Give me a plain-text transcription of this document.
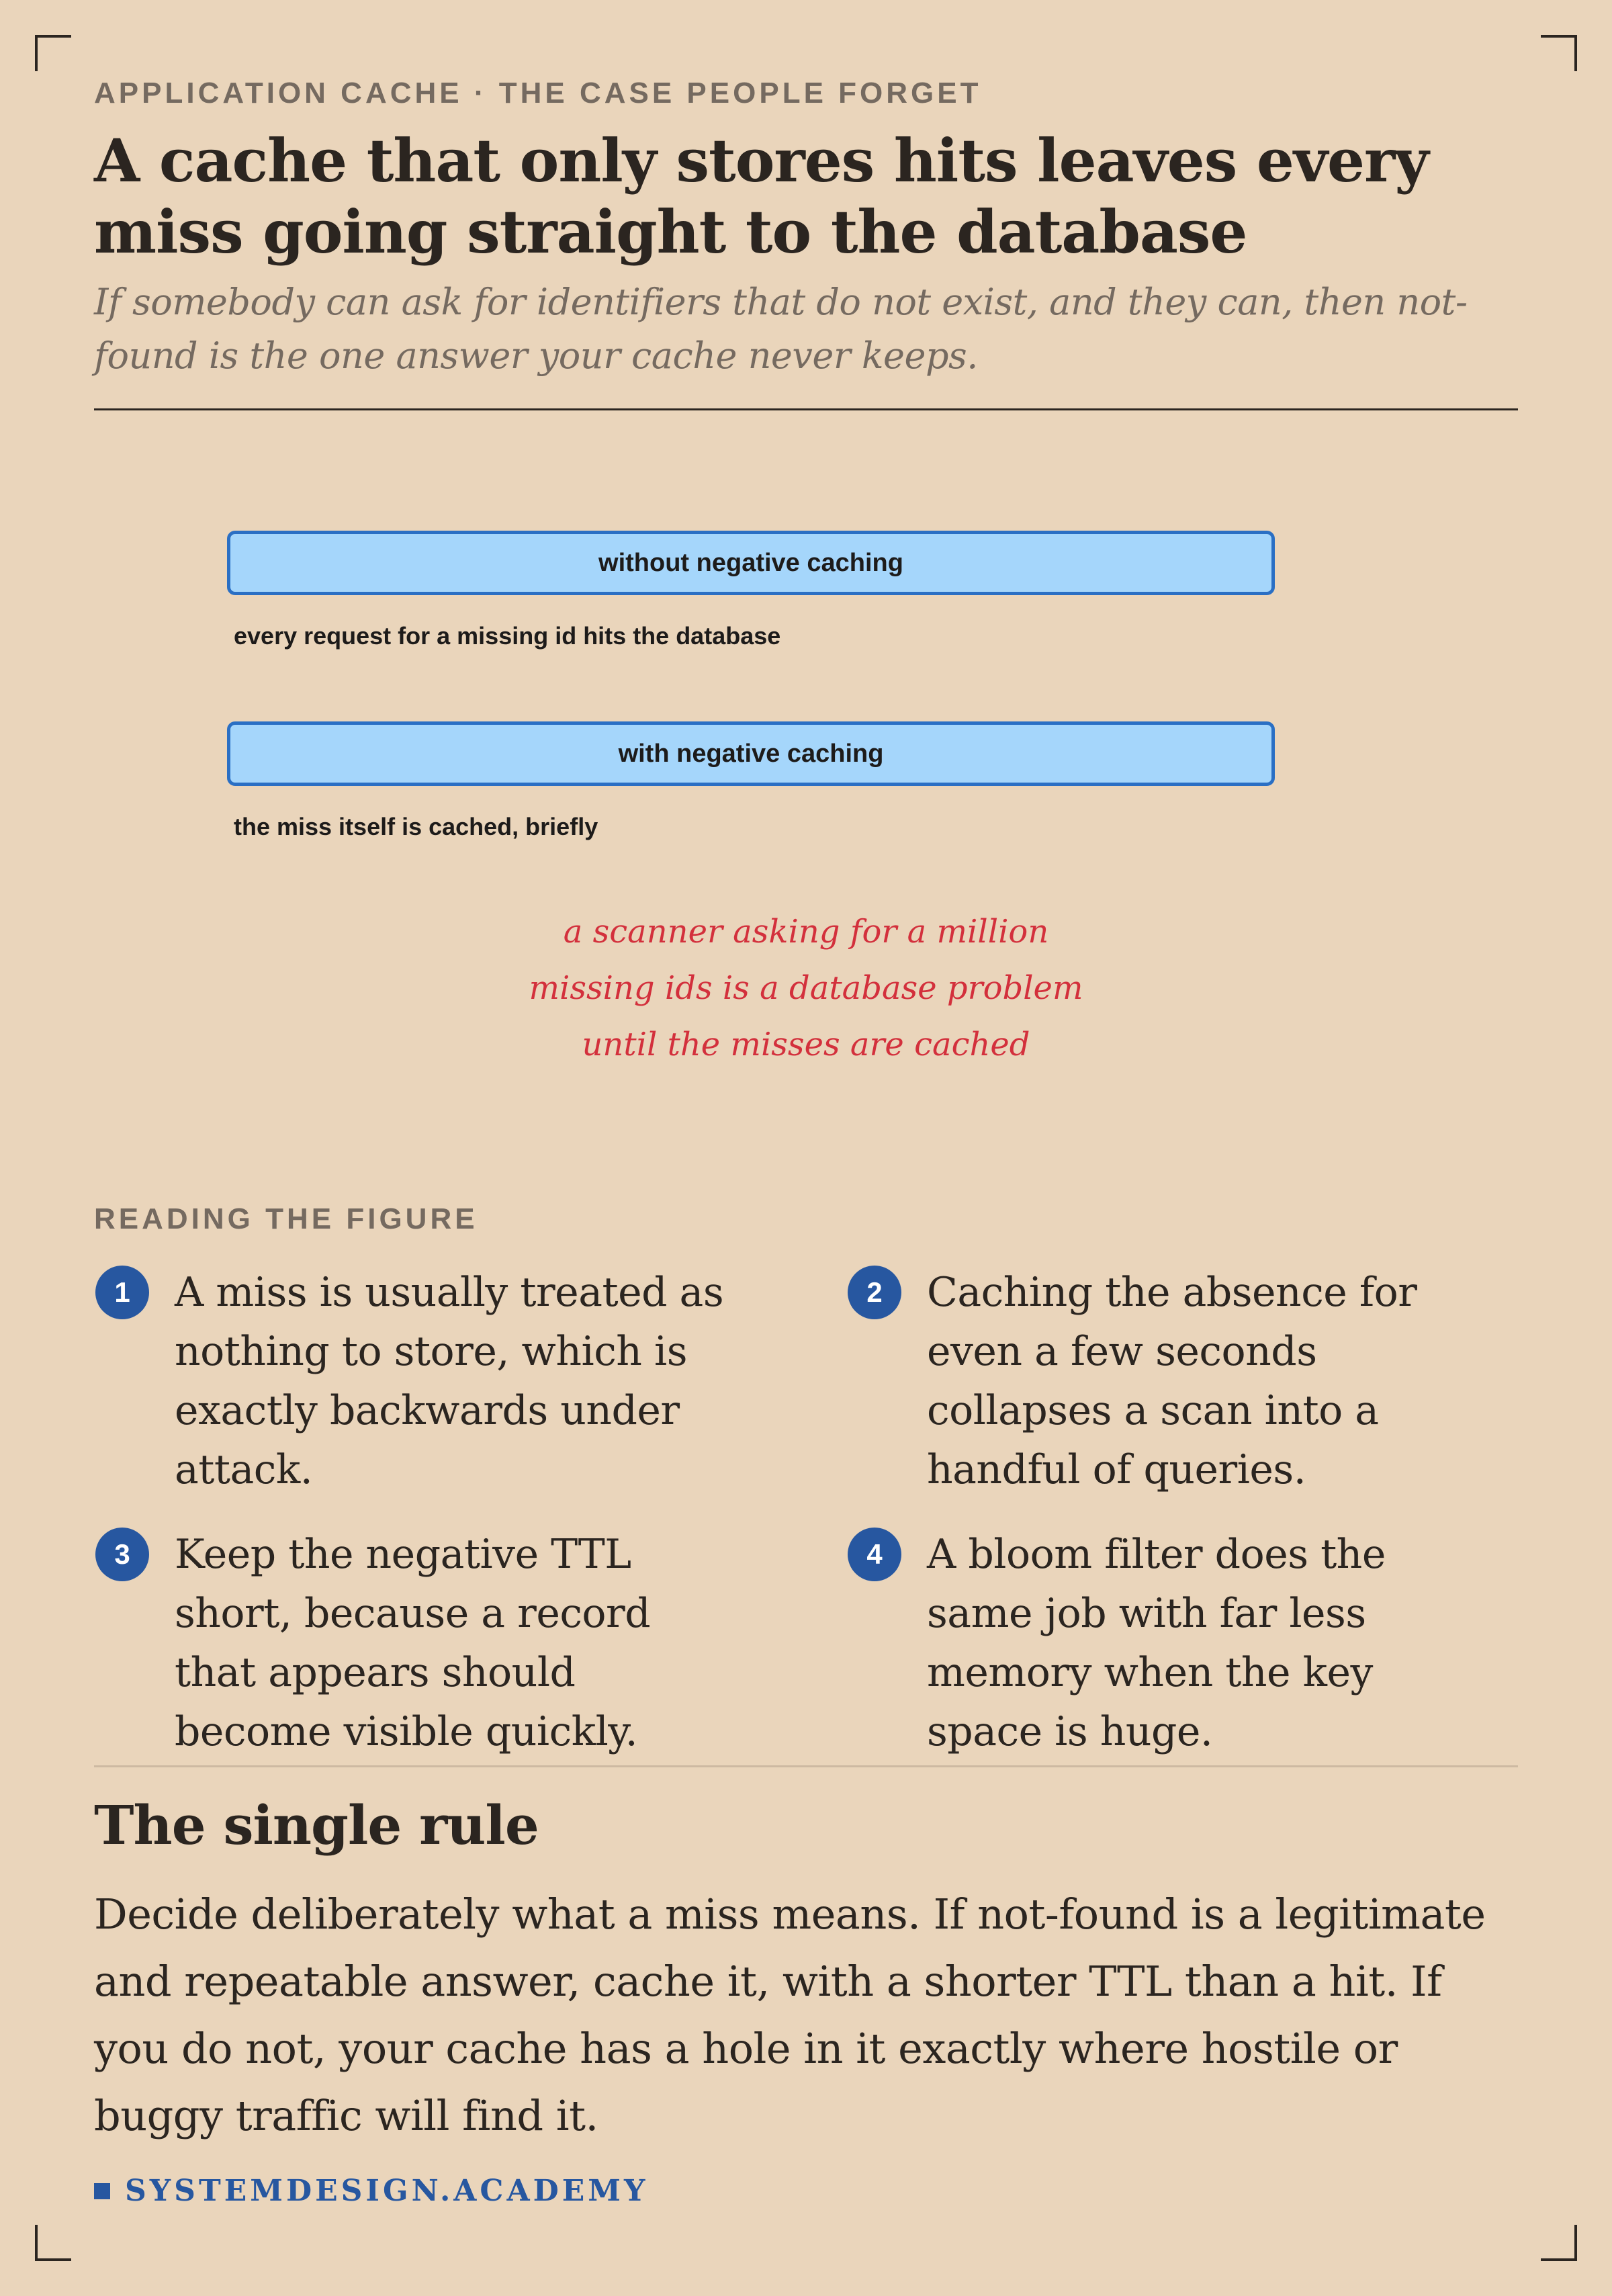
APPLICATION CACHE · THE CASE PEOPLE FORGET
A cache that only stores hits leaves every miss going straight to the database
If somebody can ask for identifiers that do not exist, and they can, then not-found is the one answer your cache never keeps.
without negative caching
every request for a missing id hits the database
with negative caching
the miss itself is cached, briefly
a scanner asking for a million
missing ids is a database problem
until the misses are cached
READING THE FIGURE
1	A miss is usually treated as nothing to store, which is exactly backwards under attack.
2	Caching the absence for even a few seconds collapses a scan into a handful of queries.
3	Keep the negative TTL short, because a record that appears should become visible quickly.
4	A bloom filter does the same job with far less memory when the key space is huge.
The single rule
Decide deliberately what a miss means. If not-found is a legitimate and repeatable answer, cache it, with a shorter TTL than a hit. If you do not, your cache has a hole in it exactly where hostile or buggy traffic will find it.
SYSTEMDESIGN.ACADEMY
